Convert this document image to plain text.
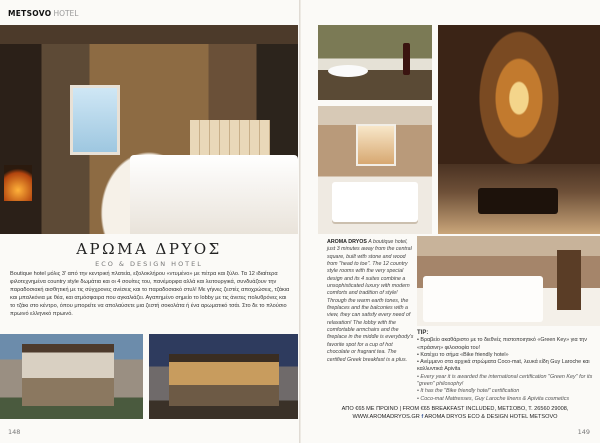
METSOVO HOTEL
ΑΡΩΜΑ ΔΡΥΟΣ
ECO & DESIGN HOTEL
Boutique hotel μόλις 3' από την κεντρική πλατεία, εξολοκλήρου «ντυμένο» με πέτρα και ξύλο. Τα 12 ιδιαίτερα φιλοτεχνημένα country style δωμάτια και οι 4 σουίτες του, πανέμορφα αλλά και λειτουργικά, συνδυάζουν την παραδοσιακή αισθητική με τις σύγχρονες ανέσεις και το παραδοσιακό στυλ! Με γήινες ζεστές αποχρώσεις, τζάκια και μπαλκόνια με θέα, και ατμόσφαιρα που αγκαλιάζει. Αγαπημένο σημείο το lobby με τις άνετες πολυθρόνες και το τζάκι στο κέντρο, όπου μπορείτε να απολαύσετε μια ζεστή σοκολάτα ή ένα αρωματικό τσάι. Στο δε το πλούσιο πρωινό ελληνικό πρωινό.
AROMA DRYOS A boutique hotel, just 3 minutes away from the central square, built with stone and wood from "head to toe". The 12 country style rooms with the very special design and its 4 suites combine a unsophisticated luxury with modern comforts and tradition of style! Through the warm earth tones, the fireplaces and the balconies with a view, they can satisfy every need of relaxation! The lobby with the comfortable armchairs and the fireplace in the middle is everybody's favorite spot for a cup of hot chocolate or fragrant tea. The certified Greek breakfast is a plus.
TIP:
• Βραβείο ακαθάριστο με το διεθνές πιστοποιητικό «Green Key» για την «πράσινη» φιλοσοφία του!
• Κατέχει το σήμα «Bike friendly hotel»
• Ανέμμενο στα αρχικά στρώματα Coco-mat, λευκά είδη Guy Laroche και καλλυντικά Apivita
• Every year it is awarded the international certification "Green Key" for its "green" philosophy!
• It has the "Bike friendly hotel" certification
• Coco-mat Mattresses, Guy Laroche linens & Apivita cosmetics
ΑΠΟ €65 ΜΕ ΠΡΩΙΝΟ | FROM €65 BREAKFAST INCLUDED, ΜΕΤΣΟΒΟ, Τ. 26560 29008,
WWW.AROMADRYOS.GR f AROMA DRYOS ECO & DESIGN HOTEL METSOVO
148	149
